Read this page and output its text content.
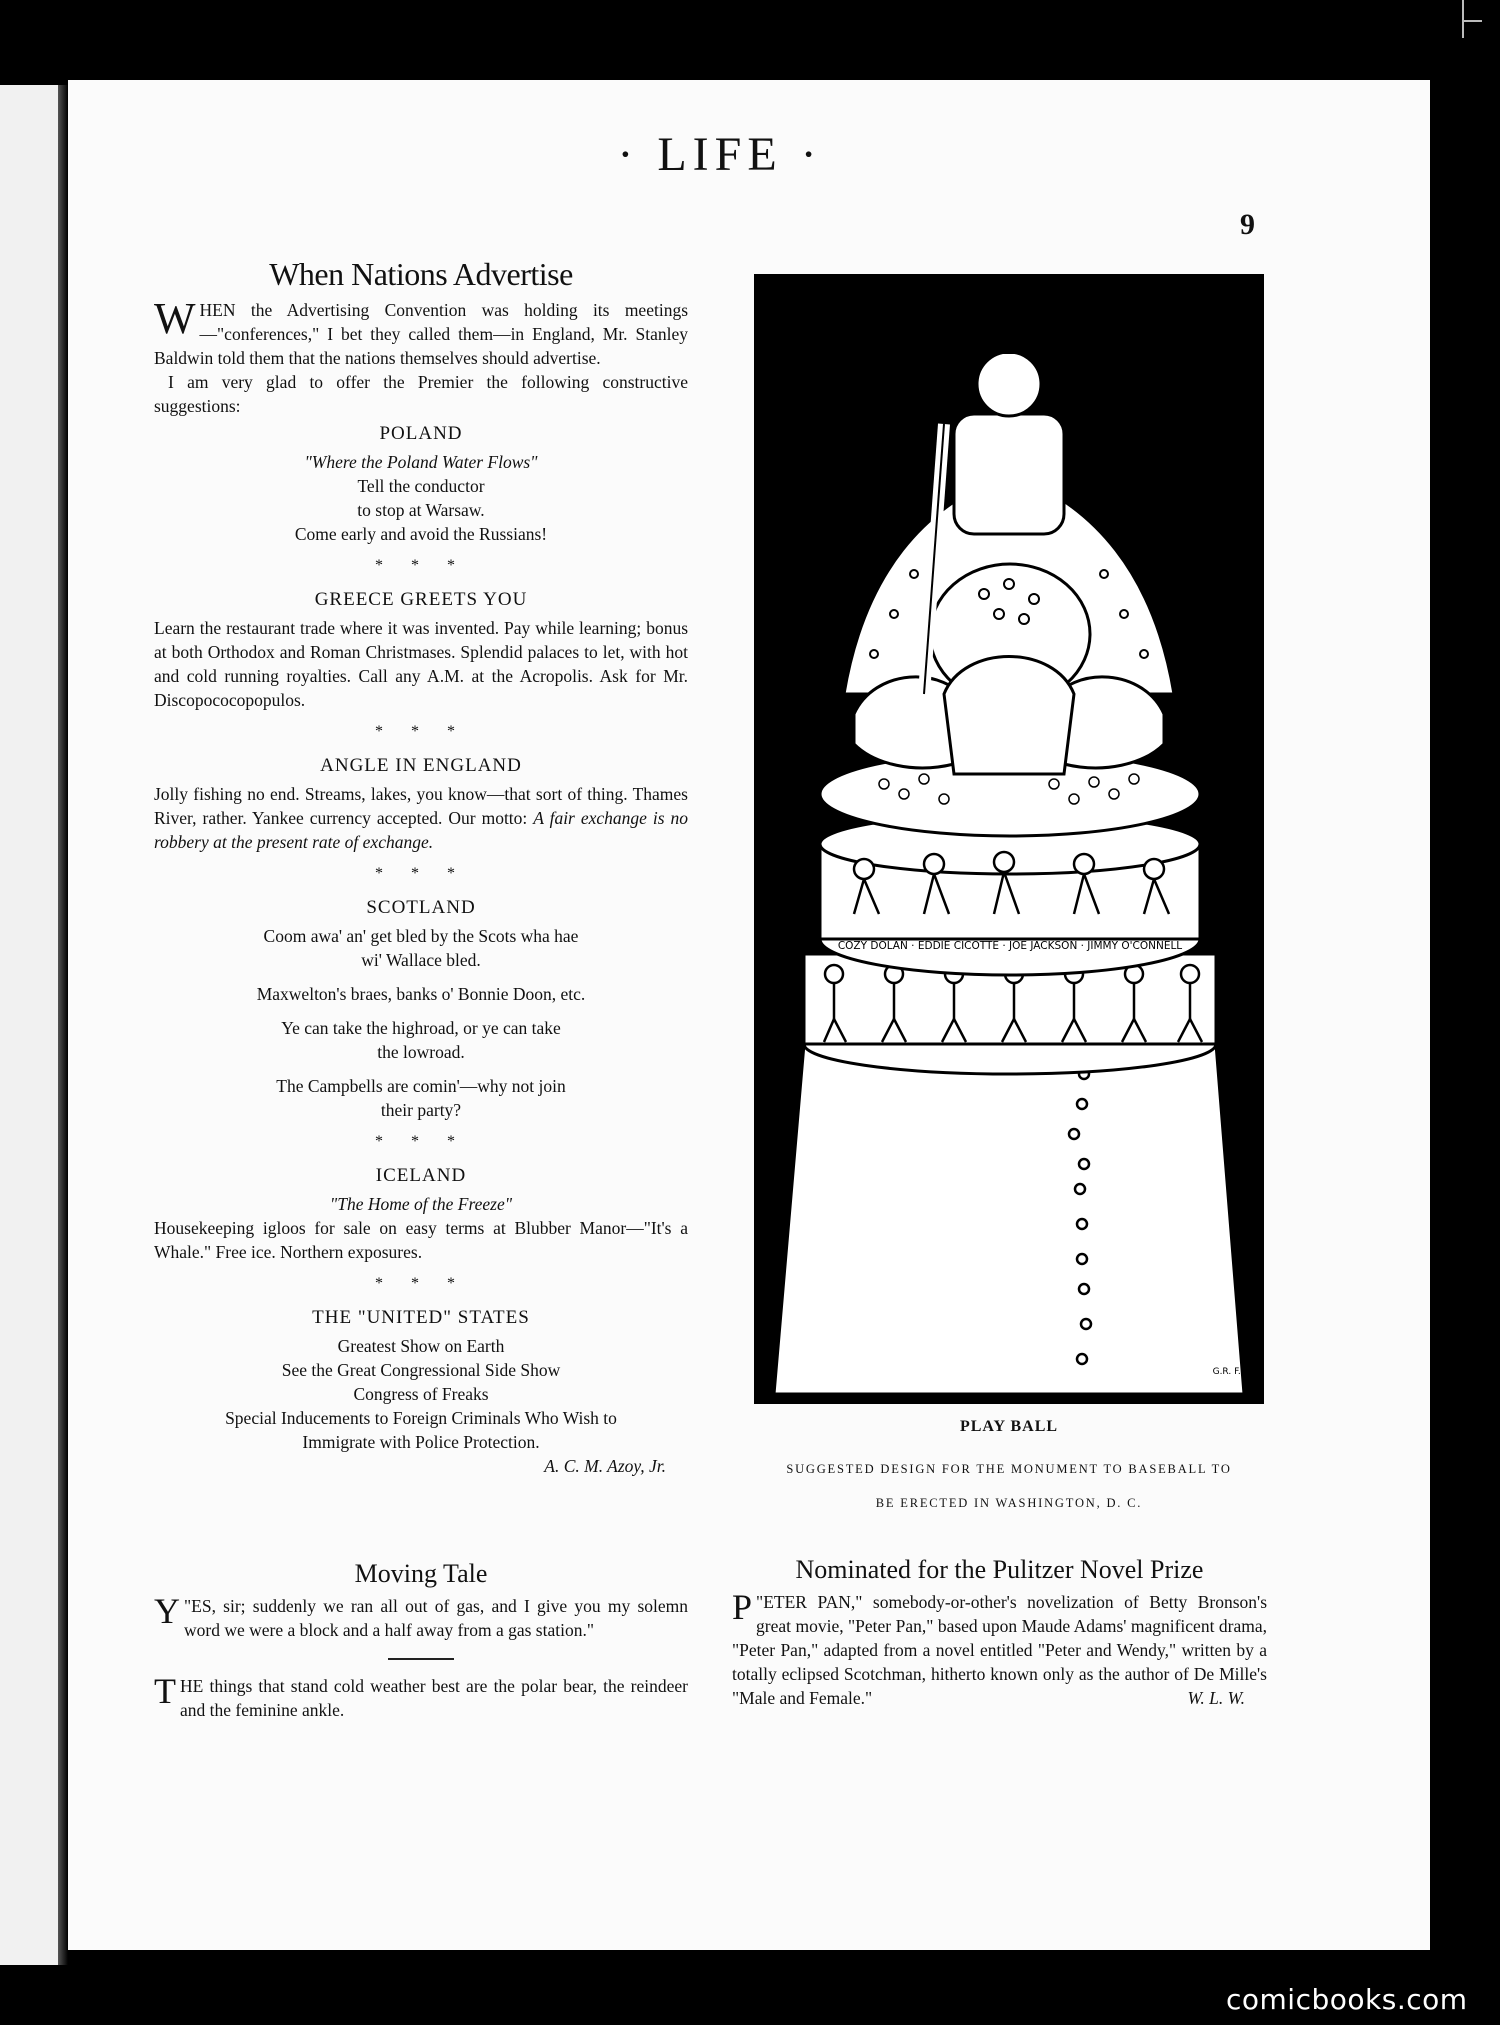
· LIFE ·
9
When Nations Advertise

WHEN the Advertising Convention was holding its meetings—"conferences," I bet they called them—in England, Mr. Stanley Baldwin told them that the nations themselves should advertise.

I am very glad to offer the Premier the following constructive suggestions:

POLAND

"Where the Poland Water Flows"

Tell the conductor

to stop at Warsaw.

Come early and avoid the Russians!

* * *

GREECE GREETS YOU

Learn the restaurant trade where it was invented. Pay while learning; bonus at both Orthodox and Roman Christmases. Splendid palaces to let, with hot and cold running royalties. Call any A.M. at the Acropolis. Ask for Mr. Discopococopopulos.

* * *

ANGLE IN ENGLAND

Jolly fishing no end. Streams, lakes, you know—that sort of thing. Thames River, rather. Yankee currency accepted. Our motto: A fair exchange is no robbery at the present rate of exchange.

* * *

SCOTLAND

Coom awa' an' get bled by the Scots wha hae

wi' Wallace bled.

Maxwelton's braes, banks o' Bonnie Doon, etc.

Ye can take the highroad, or ye can take

the lowroad.

The Campbells are comin'—why not join

their party?

* * *

ICELAND

"The Home of the Freeze"

Housekeeping igloos for sale on easy terms at Blubber Manor—"It's a Whale." Free ice. Northern exposures.

* * *

THE "UNITED" STATES

Greatest Show on Earth

See the Great Congressional Side Show

Congress of Freaks

Special Inducements to Foreign Criminals Who Wish to

Immigrate with Police Protection.

A. C. M. Azoy, Jr.

COZY DOLAN · EDDIE CICOTTE · JOE JACKSON · JIMMY O'CONNELL
G.R. F.W.
PLAY BALL
SUGGESTED DESIGN FOR THE MONUMENT TO BASEBALL TO
BE ERECTED IN WASHINGTON, D. C.
Moving Tale

"
Y ES, sir; suddenly we ran all out of gas, and I give you my solemn word we were a block and a half away from a gas station."

THE things that stand cold weather best are the polar bear, the reindeer and the feminine ankle.

Nominated for the Pulitzer Novel Prize

"
P ETER PAN," somebody-or-other's novelization of Betty Bronson's great movie, "Peter Pan," based upon Maude Adams' magnificent drama, "Peter Pan," adapted from a novel entitled "Peter and Wendy," written by a totally eclipsed Scotchman, hitherto known only as the author of De Mille's "Male and Female."	W. L. W.

comicbooks.com
